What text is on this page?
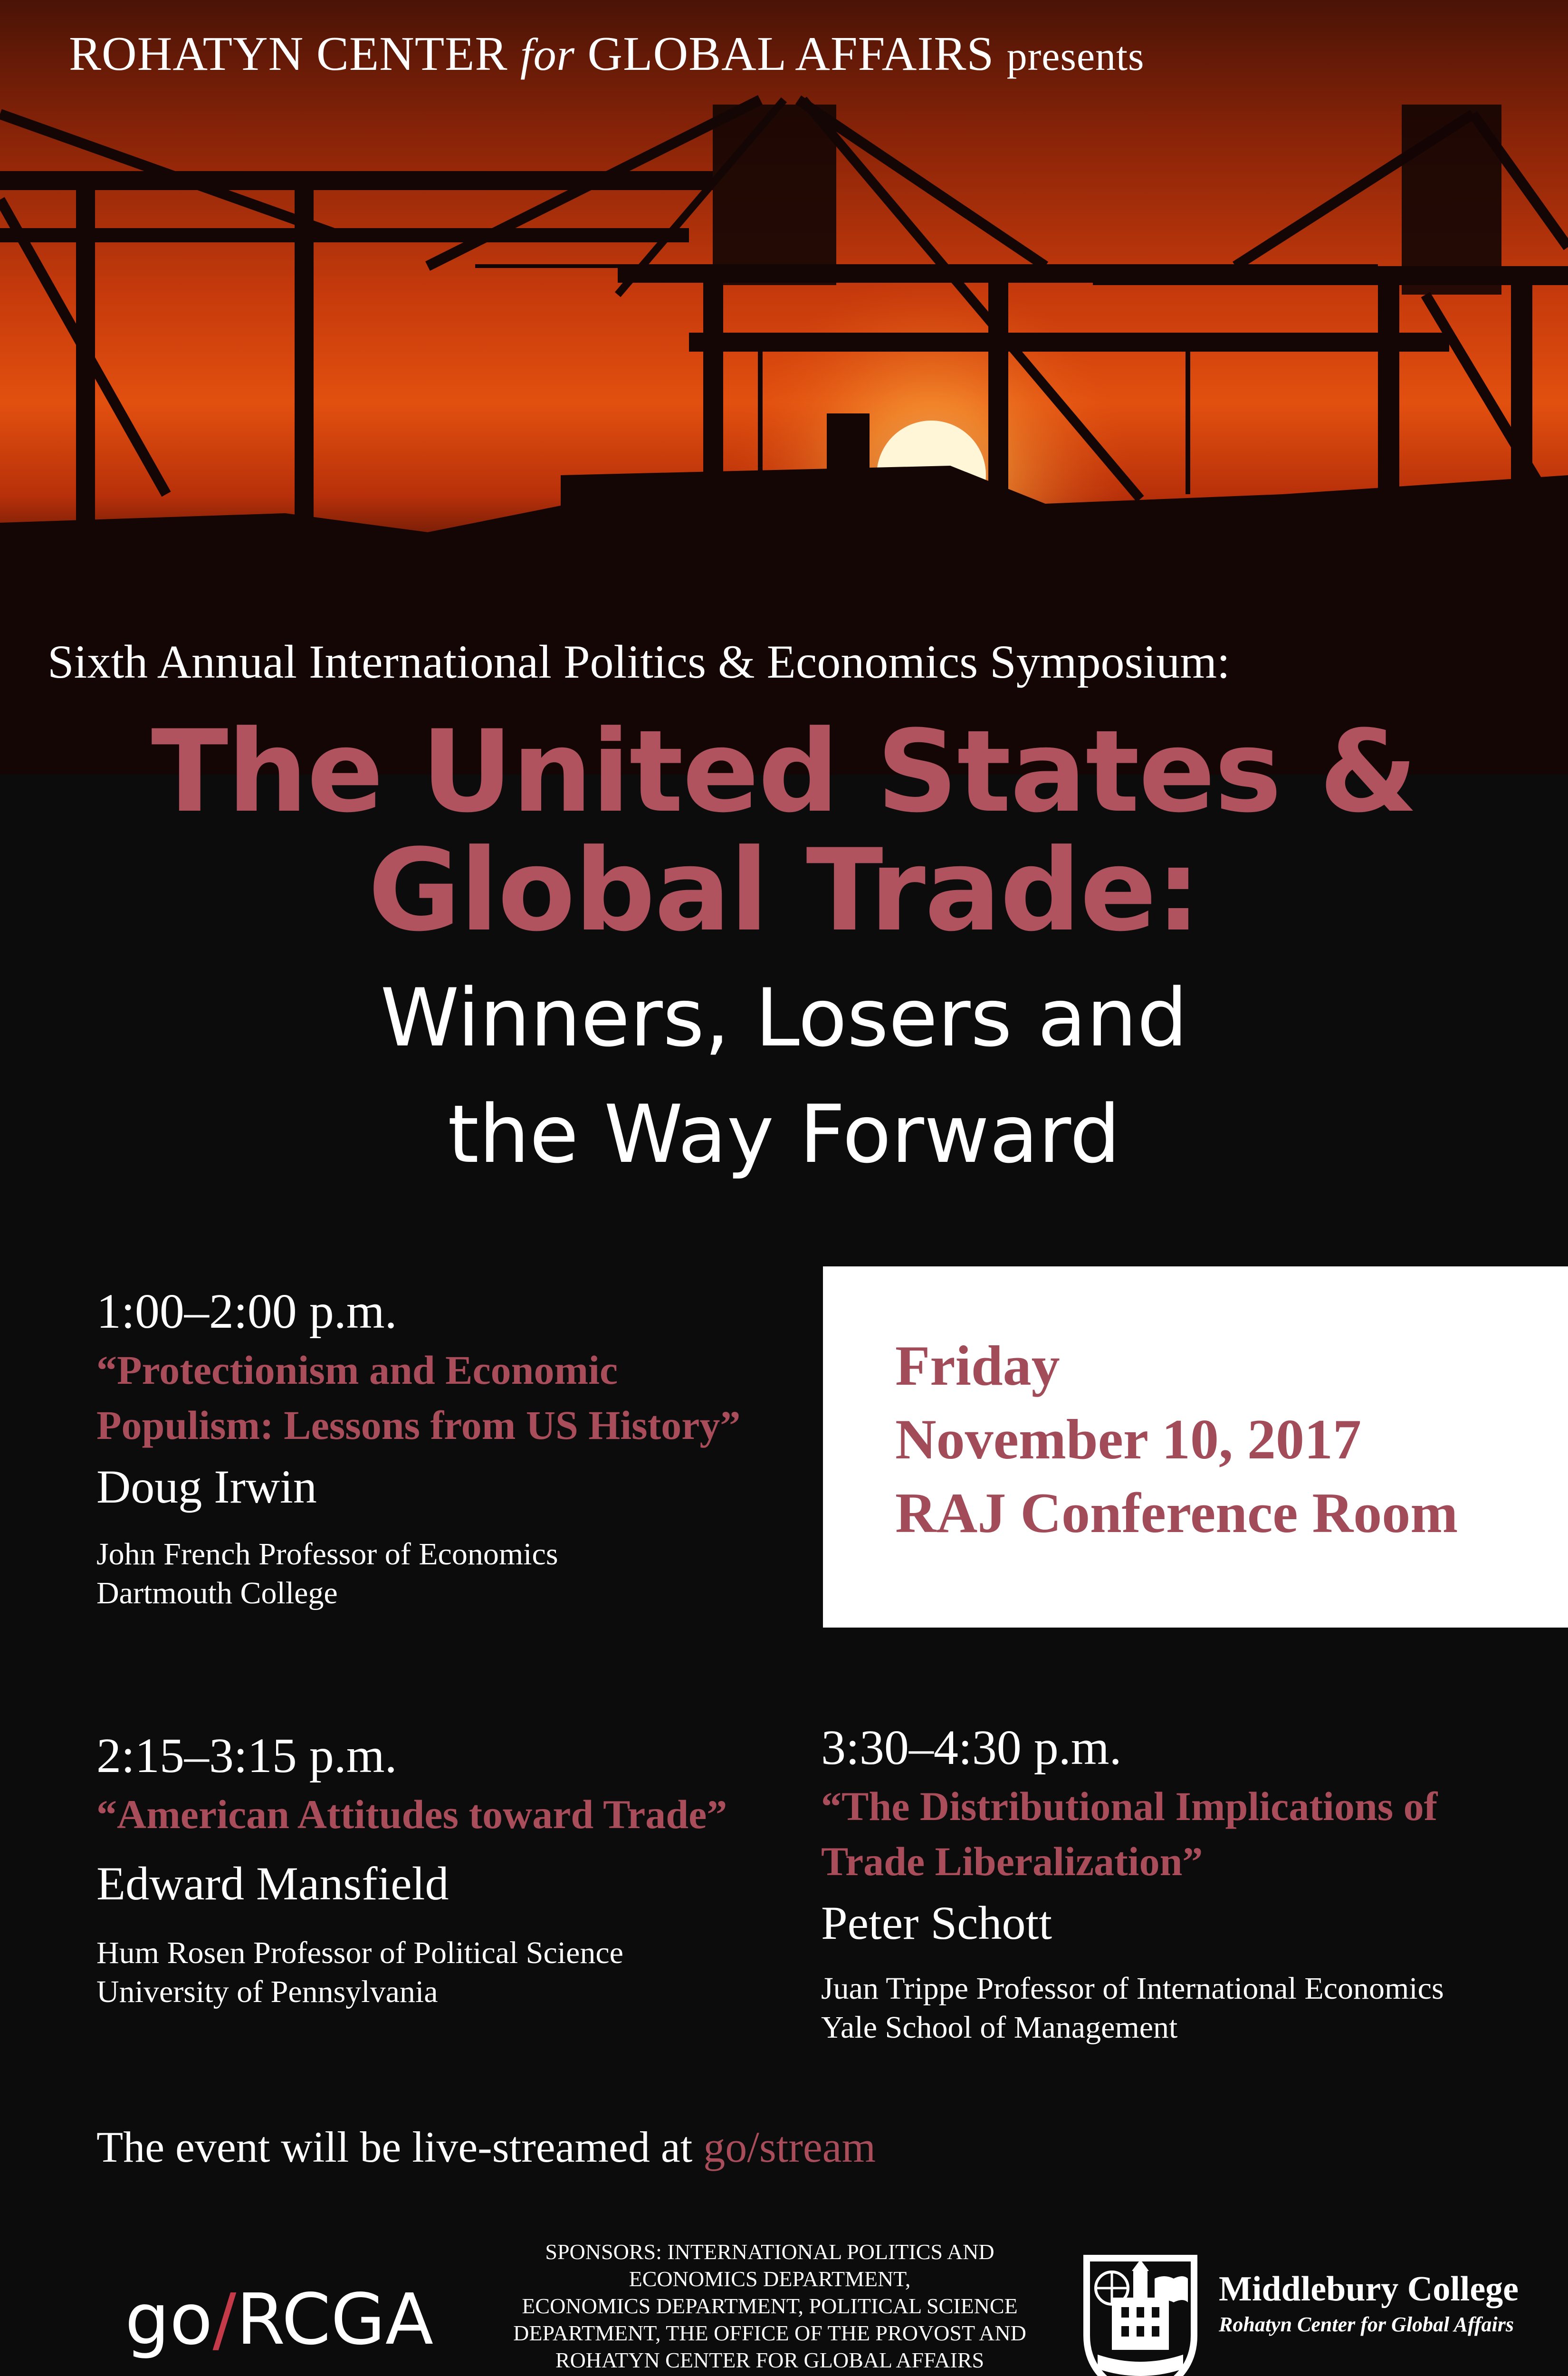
ROHATYN CENTER for GLOBAL AFFAIRS presents
Sixth Annual International Politics & Economics Symposium:
The United States &
Global Trade:
Winners, Losers and
the Way Forward
Friday
November 10, 2017
RAJ Conference Room
1:00–2:00 p.m.
“Protectionism and Economic
Populism: Lessons from US History”
Doug Irwin
John French Professor of Economics
Dartmouth College
2:15–3:15 p.m.
“American Attitudes toward Trade”
Edward Mansfield
Hum Rosen Professor of Political Science
University of Pennsylvania
3:30–4:30 p.m.
“The Distributional Implications of
Trade Liberalization”
Peter Schott
Juan Trippe Professor of International Economics
Yale School of Management
The event will be live-streamed at go/stream
go/RCGA
SPONSORS: INTERNATIONAL POLITICS AND
ECONOMICS DEPARTMENT,
ECONOMICS DEPARTMENT, POLITICAL SCIENCE
DEPARTMENT, THE OFFICE OF THE PROVOST AND
ROHATYN CENTER FOR GLOBAL AFFAIRS
Middlebury College
Rohatyn Center for Global Affairs
